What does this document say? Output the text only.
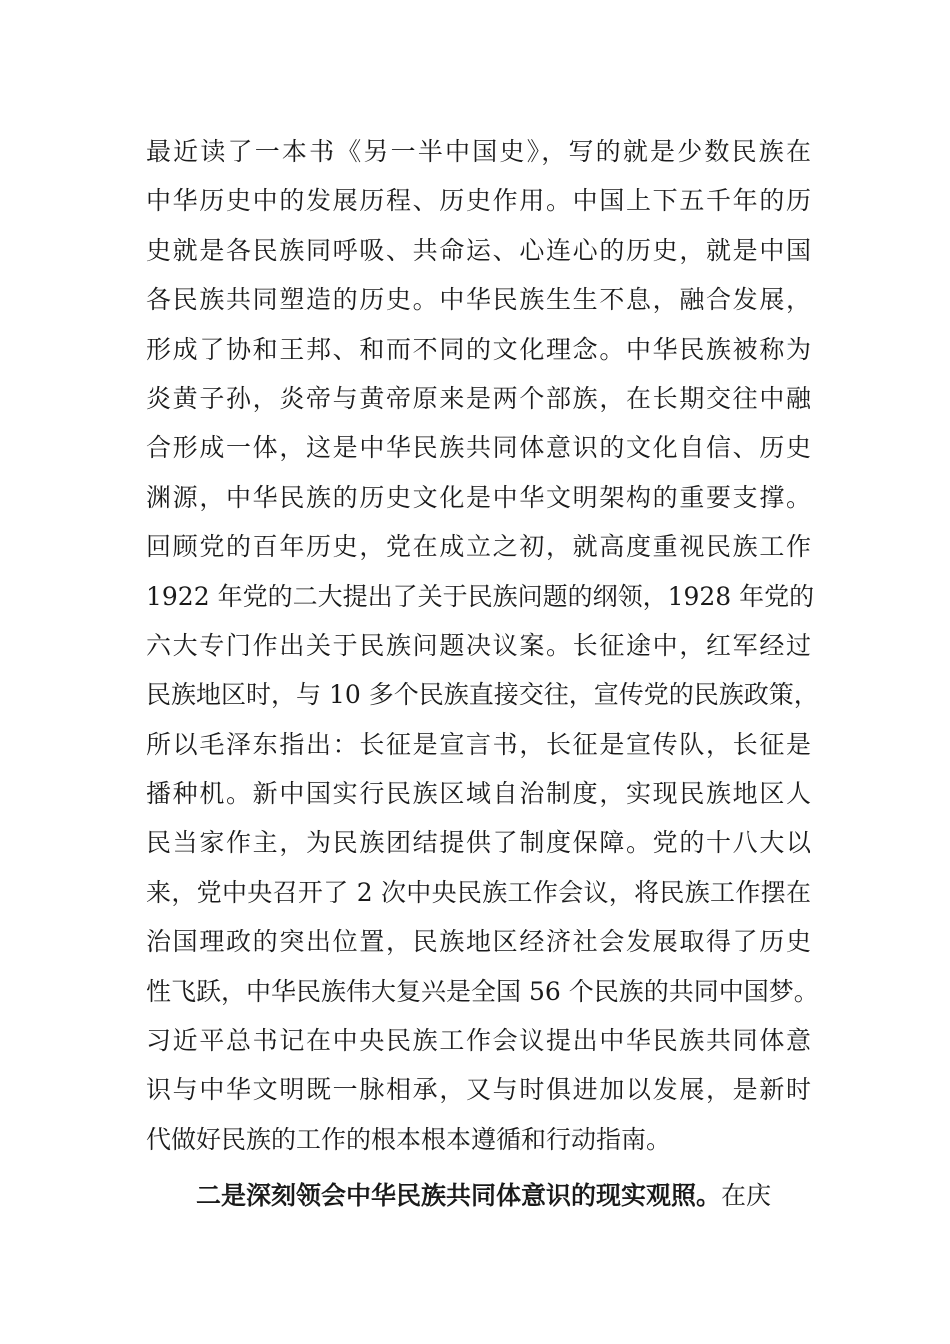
最近读了一本书《另一半中国史》，写的就是少数民族在
中华历史中的发展历程、历史作用。中国上下五千年的历
史就是各民族同呼吸、共命运、心连心的历史，就是中国
各民族共同塑造的历史。中华民族生生不息，融合发展，
形成了协和王邦、和而不同的文化理念。中华民族被称为
炎黄子孙，炎帝与黄帝原来是两个部族，在长期交往中融
合形成一体，这是中华民族共同体意识的文化自信、历史
渊源，中华民族的历史文化是中华文明架构的重要支撑。
回顾党的百年历史，党在成立之初，就高度重视民族工作
1922 年党的二大提出了关于民族问题的纲领，1928 年党的
六大专门作出关于民族问题决议案。长征途中，红军经过
民族地区时，与 10 多个民族直接交往，宣传党的民族政策，
所以毛泽东指出：长征是宣言书，长征是宣传队，长征是
播种机。新中国实行民族区域自治制度，实现民族地区人
民当家作主，为民族团结提供了制度保障。党的十八大以
来，党中央召开了 2 次中央民族工作会议，将民族工作摆在
治国理政的突出位置，民族地区经济社会发展取得了历史
性飞跃，中华民族伟大复兴是全国 56 个民族的共同中国梦。
习近平总书记在中央民族工作会议提出中华民族共同体意
识与中华文明既一脉相承，又与时俱进加以发展，是新时
代做好民族的工作的根本根本遵循和行动指南。
二是深刻领会中华民族共同体意识的现实观照。在庆
